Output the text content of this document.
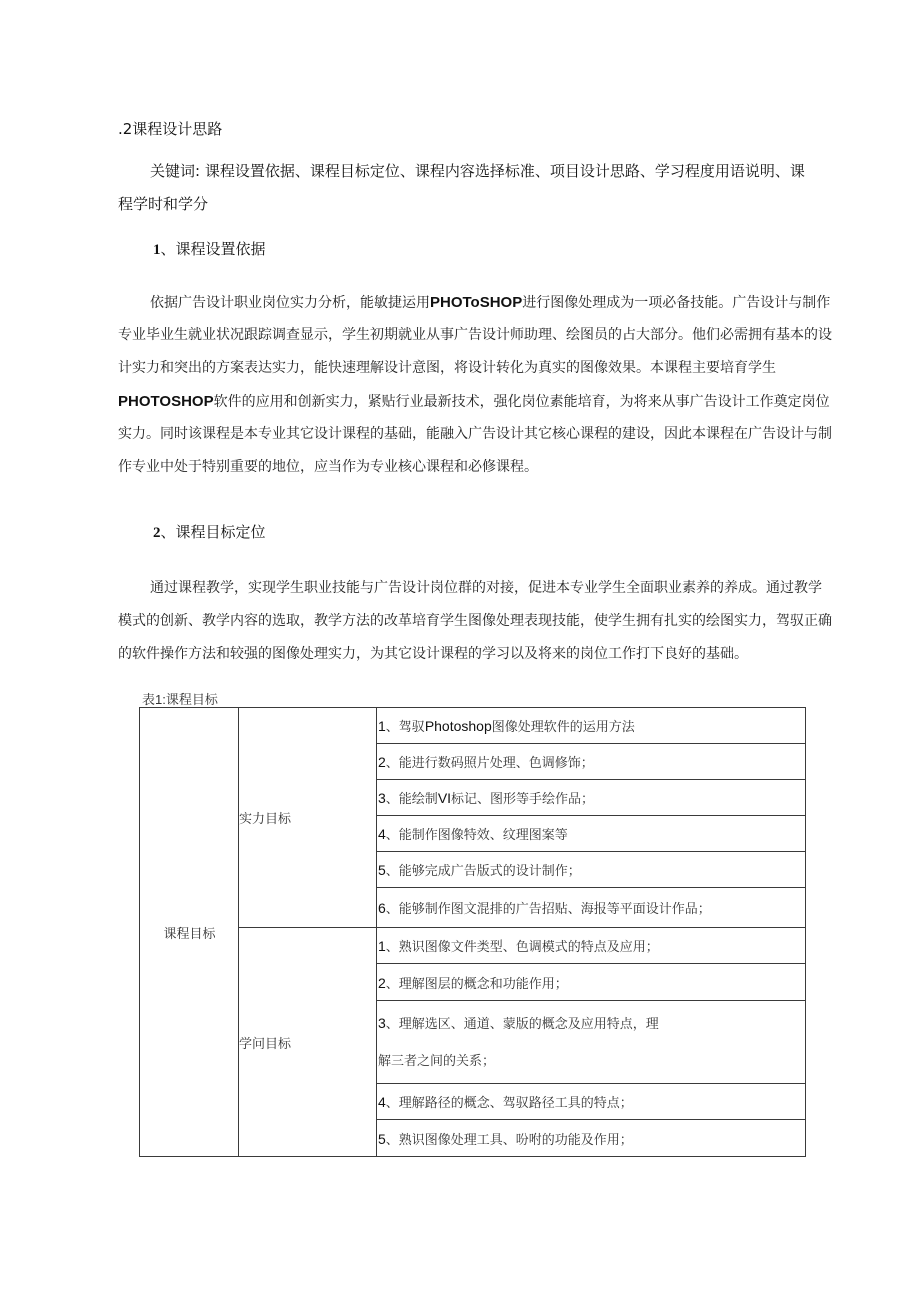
.2课程设计思路
关键词: 课程设置依据、课程目标定位、课程内容选择标准、项目设计思路、学习程度用语说明、课程学时和学分
1、课程设置依据
依据广告设计职业岗位实力分析，能敏捷运用PHOToSHOP进行图像处理成为一项必备技能。广告设计与制作
专业毕业生就业状况跟踪调查显示，学生初期就业从事广告设计师助理、绘图员的占大部分。他们必需拥有基本的设
计实力和突出的方案表达实力，能快速理解设计意图，将设计转化为真实的图像效果。本课程主要培育学生
PHOTOSHOP软件的应用和创新实力，紧贴行业最新技术，强化岗位素能培育，为将来从事广告设计工作奠定岗位
实力。同时该课程是本专业其它设计课程的基础，能融入广告设计其它核心课程的建设，因此本课程在广告设计与制
作专业中处于特别重要的地位，应当作为专业核心课程和必修课程。
2、课程目标定位
通过课程教学，实现学生职业技能与广告设计岗位群的对接，促进本专业学生全面职业素养的养成。通过教学
模式的创新、教学内容的选取，教学方法的改革培育学生图像处理表现技能，使学生拥有扎实的绘图实力，驾驭正确
的软件操作方法和较强的图像处理实力，为其它设计课程的学习以及将来的岗位工作打下良好的基础。
表1:课程目标
课程目标	实力目标	1、驾驭Photoshop图像处理软件的运用方法
		2、能进行数码照片处理、色调修饰；
		3、能绘制VI标记、图形等手绘作品；
		4、能制作图像特效、纹理图案等
		5、能够完成广告版式的设计制作；
		6、能够制作图文混排的广告招贴、海报等平面设计作品；
	学问目标	1、熟识图像文件类型、色调模式的特点及应用；
		2、理解图层的概念和功能作用；

		3、理解选区、通道、蒙版的概念及应用特点，理
解三者之间的关系；

		4、理解路径的概念、驾驭路径工具的特点；
		5、熟识图像处理工具、吩咐的功能及作用；
